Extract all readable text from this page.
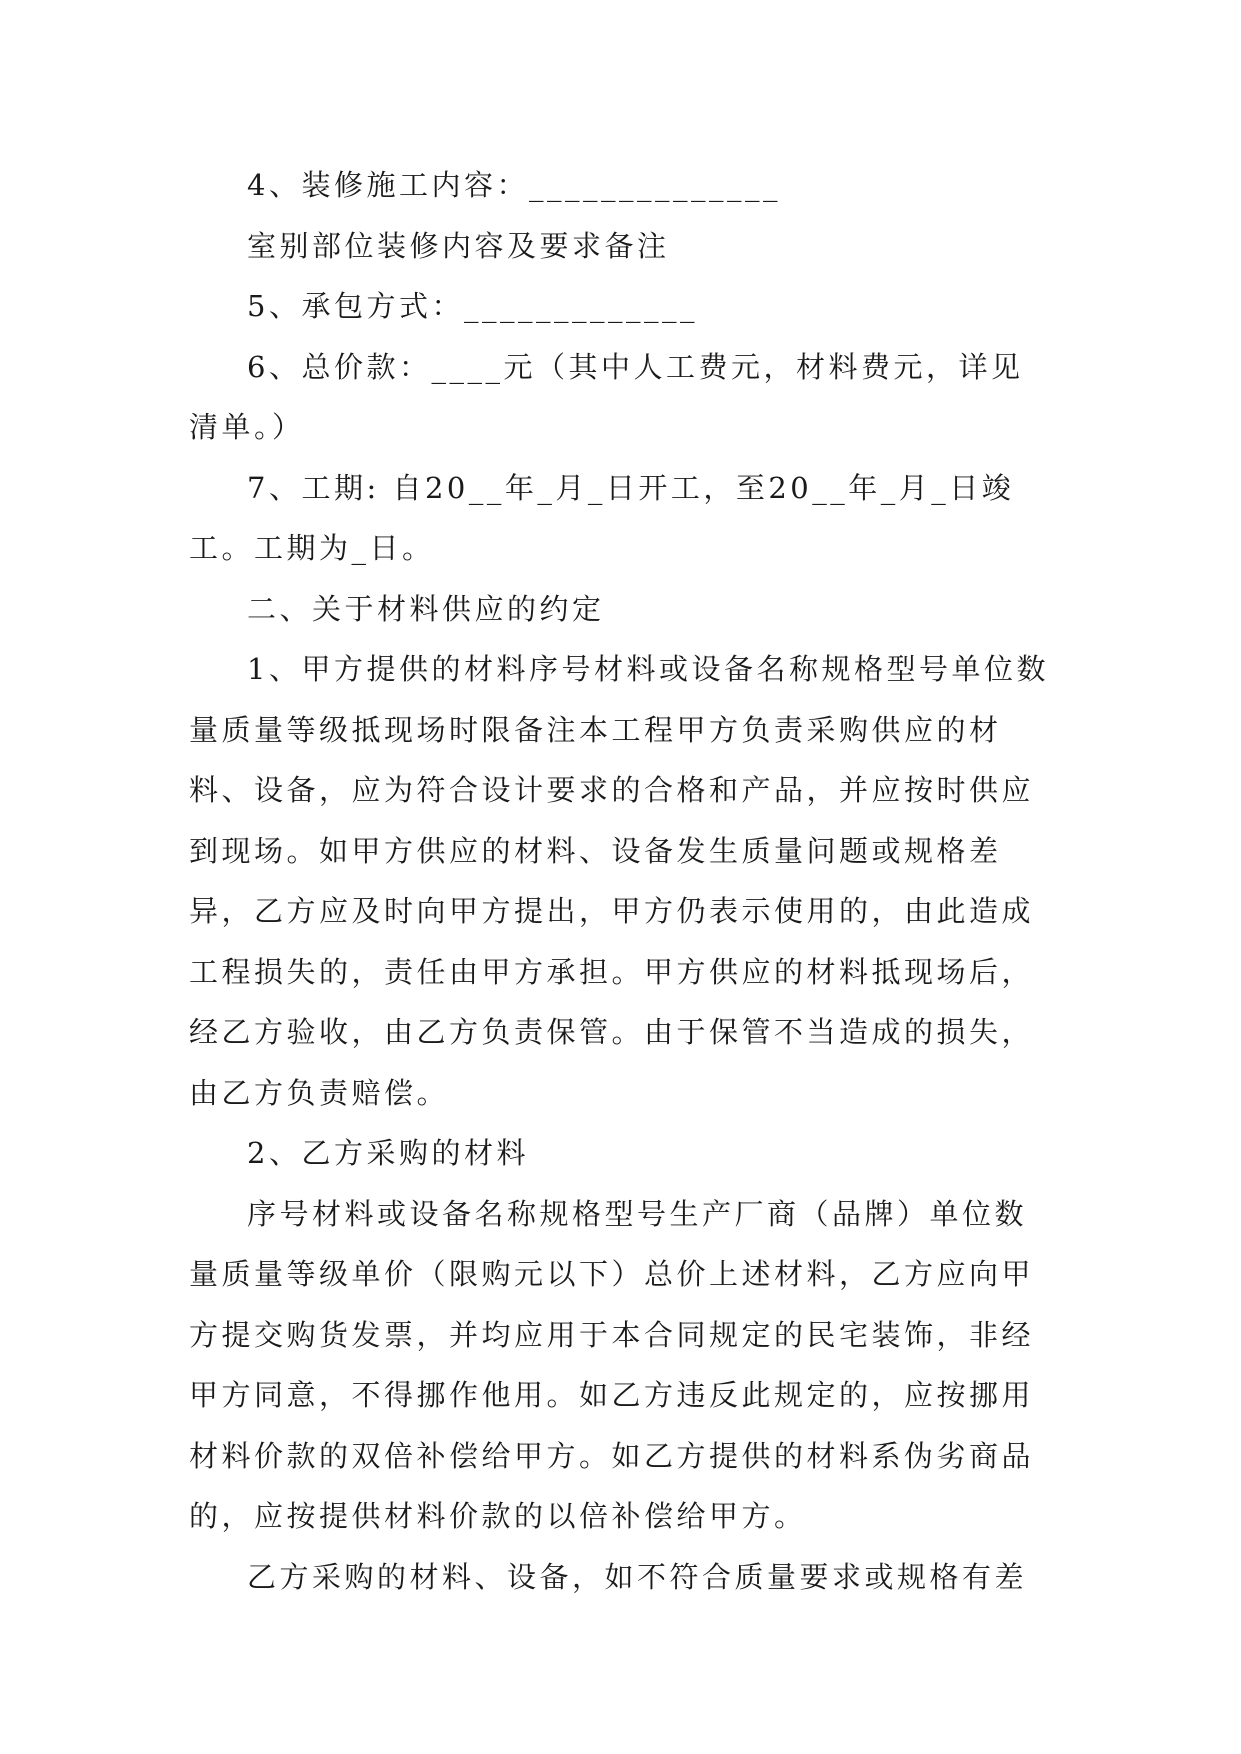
4、装修施工内容：______________

室别部位装修内容及要求备注

5、承包方式：_____________

6、总价款：____元（其中人工费元，材料费元，详见清单。）

7、工期: 自20__年_月_日开工，至20__年_月_日竣工。工期为_日。

二、关于材料供应的约定

1、甲方提供的材料序号材料或设备名称规格型号单位数量质量等级抵现场时限备注本工程甲方负责采购供应的材料、设备，应为符合设计要求的合格和产品，并应按时供应到现场。如甲方供应的材料、设备发生质量问题或规格差异，乙方应及时向甲方提出，甲方仍表示使用的，由此造成工程损失的，责任由甲方承担。甲方供应的材料抵现场后，经乙方验收，由乙方负责保管。由于保管不当造成的损失，由乙方负责赔偿。

2、乙方采购的材料

序号材料或设备名称规格型号生产厂商（品牌）单位数量质量等级单价（限购元以下）总价上述材料，乙方应向甲方提交购货发票，并均应用于本合同规定的民宅装饰，非经甲方同意，不得挪作他用。如乙方违反此规定的，应按挪用材料价款的双倍补偿给甲方。如乙方提供的材料系伪劣商品的，应按提供材料价款的以倍补偿给甲方。

乙方采购的材料、设备，如不符合质量要求或规格有差
